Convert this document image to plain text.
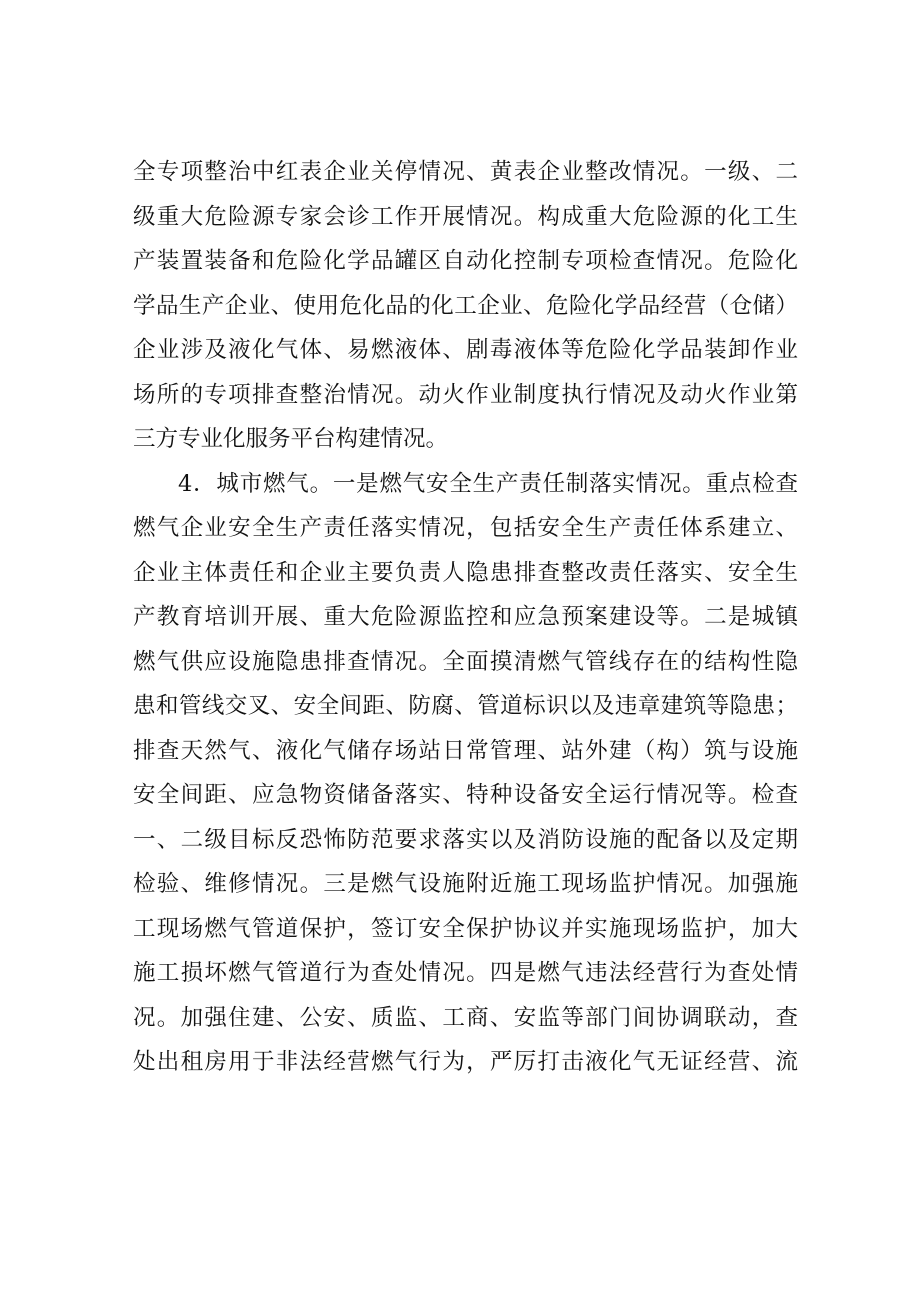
全专项整治中红表企业关停情况、黄表企业整改情况。一级、二
级重大危险源专家会诊工作开展情况。构成重大危险源的化工生
产装置装备和危险化学品罐区自动化控制专项检查情况。危险化
学品生产企业、使用危化品的化工企业、危险化学品经营（仓储）
企业涉及液化气体、易燃液体、剧毒液体等危险化学品装卸作业
场所的专项排查整治情况。动火作业制度执行情况及动火作业第
三方专业化服务平台构建情况。
4．城市燃气。一是燃气安全生产责任制落实情况。重点检查
燃气企业安全生产责任落实情况，包括安全生产责任体系建立、
企业主体责任和企业主要负责人隐患排查整改责任落实、安全生
产教育培训开展、重大危险源监控和应急预案建设等。二是城镇
燃气供应设施隐患排查情况。全面摸清燃气管线存在的结构性隐
患和管线交叉、安全间距、防腐、管道标识以及违章建筑等隐患；
排查天然气、液化气储存场站日常管理、站外建（构）筑与设施
安全间距、应急物资储备落实、特种设备安全运行情况等。检查
一、二级目标反恐怖防范要求落实以及消防设施的配备以及定期
检验、维修情况。三是燃气设施附近施工现场监护情况。加强施
工现场燃气管道保护，签订安全保护协议并实施现场监护，加大
施工损坏燃气管道行为查处情况。四是燃气违法经营行为查处情
况。加强住建、公安、质监、工商、安监等部门间协调联动，查
处出租房用于非法经营燃气行为，严厉打击液化气无证经营、流
